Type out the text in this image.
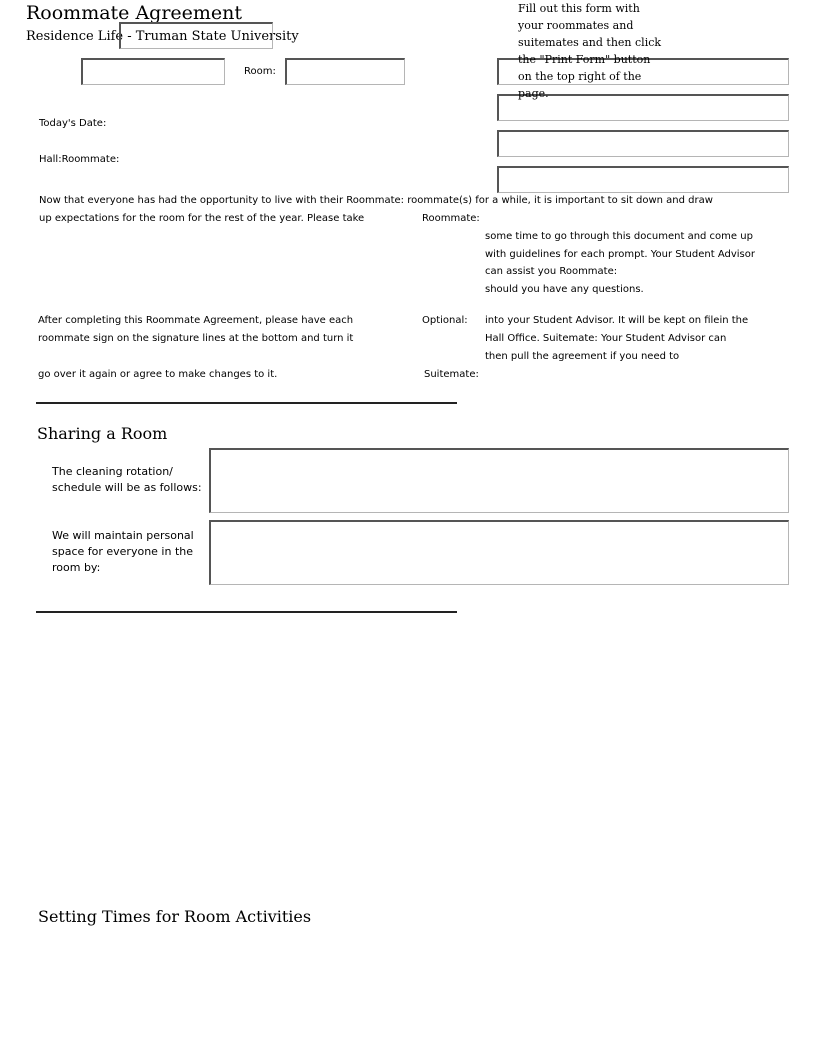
Roommate Agreement
Residence Life - Truman State University
Room:
Fill out this form with
your roommates and
suitemates and then click
the "Print Form" button
on the top right of the
page.
Today's Date:
Hall:Roommate:
Now that everyone has had the opportunity to live with their Roommate: roommate(s) for a while, it is important to sit down and draw
up expectations for the room for the rest of the year. Please take	Roommate:
some time to go through this document and come up
with guidelines for each prompt. Your Student Advisor
can assist you Roommate:
should you have any questions.
After completing this Roommate Agreement, please have each	Optional: into your Student Advisor. It will be kept on filein the
roommate sign on the signature lines at the bottom and turn it	Hall Office. Suitemate: Your Student Advisor can
then pull the agreement if you need to
go over it again or agree to make changes to it.	Suitemate:
Sharing a Room
The cleaning rotation/
schedule will be as follows:
We will maintain personal
space for everyone in the
room by:
Setting Times for Room Activities
